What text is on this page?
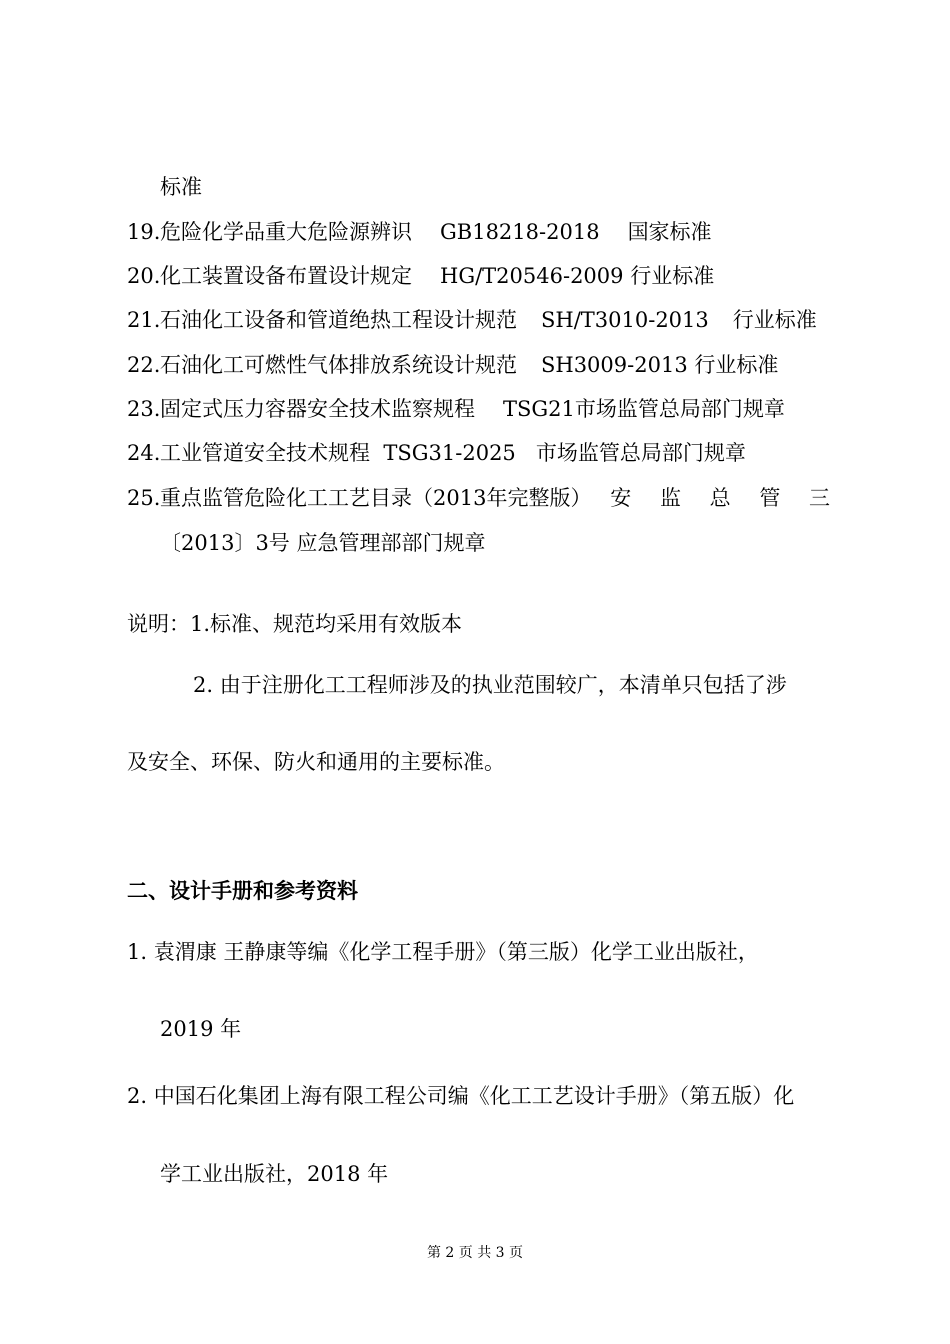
标准
19.危险化学品重大危险源辨识 GB18218-2018 国家标准
20.化工装置设备布置设计规定 HG/T20546-2009 行业标准
21.石油化工设备和管道绝热工程设计规范 SH/T3010-2013 行业标准
22.石油化工可燃性气体排放系统设计规范 SH3009-2013 行业标准
23.固定式压力容器安全技术监察规程 TSG21市场监管总局部门规章
24.工业管道安全技术规程 TSG31-2025 市场监管总局部门规章
25.重点监管危险化工工艺目录（2013年完整版） 安 监 总 管 三
〔2013〕3号 应急管理部部门规章
说明：1.标准、规范均采用有效版本
2. 由于注册化工工程师涉及的执业范围较广，本清单只包括了涉
及安全、环保、防火和通用的主要标准。
二、设计手册和参考资料
1. 袁渭康 王静康等编《化学工程手册》（第三版）化学工业出版社，
2019 年
2. 中国石化集团上海有限工程公司编《化工工艺设计手册》（第五版）化
学工业出版社，2018 年
第 2 页 共 3 页
